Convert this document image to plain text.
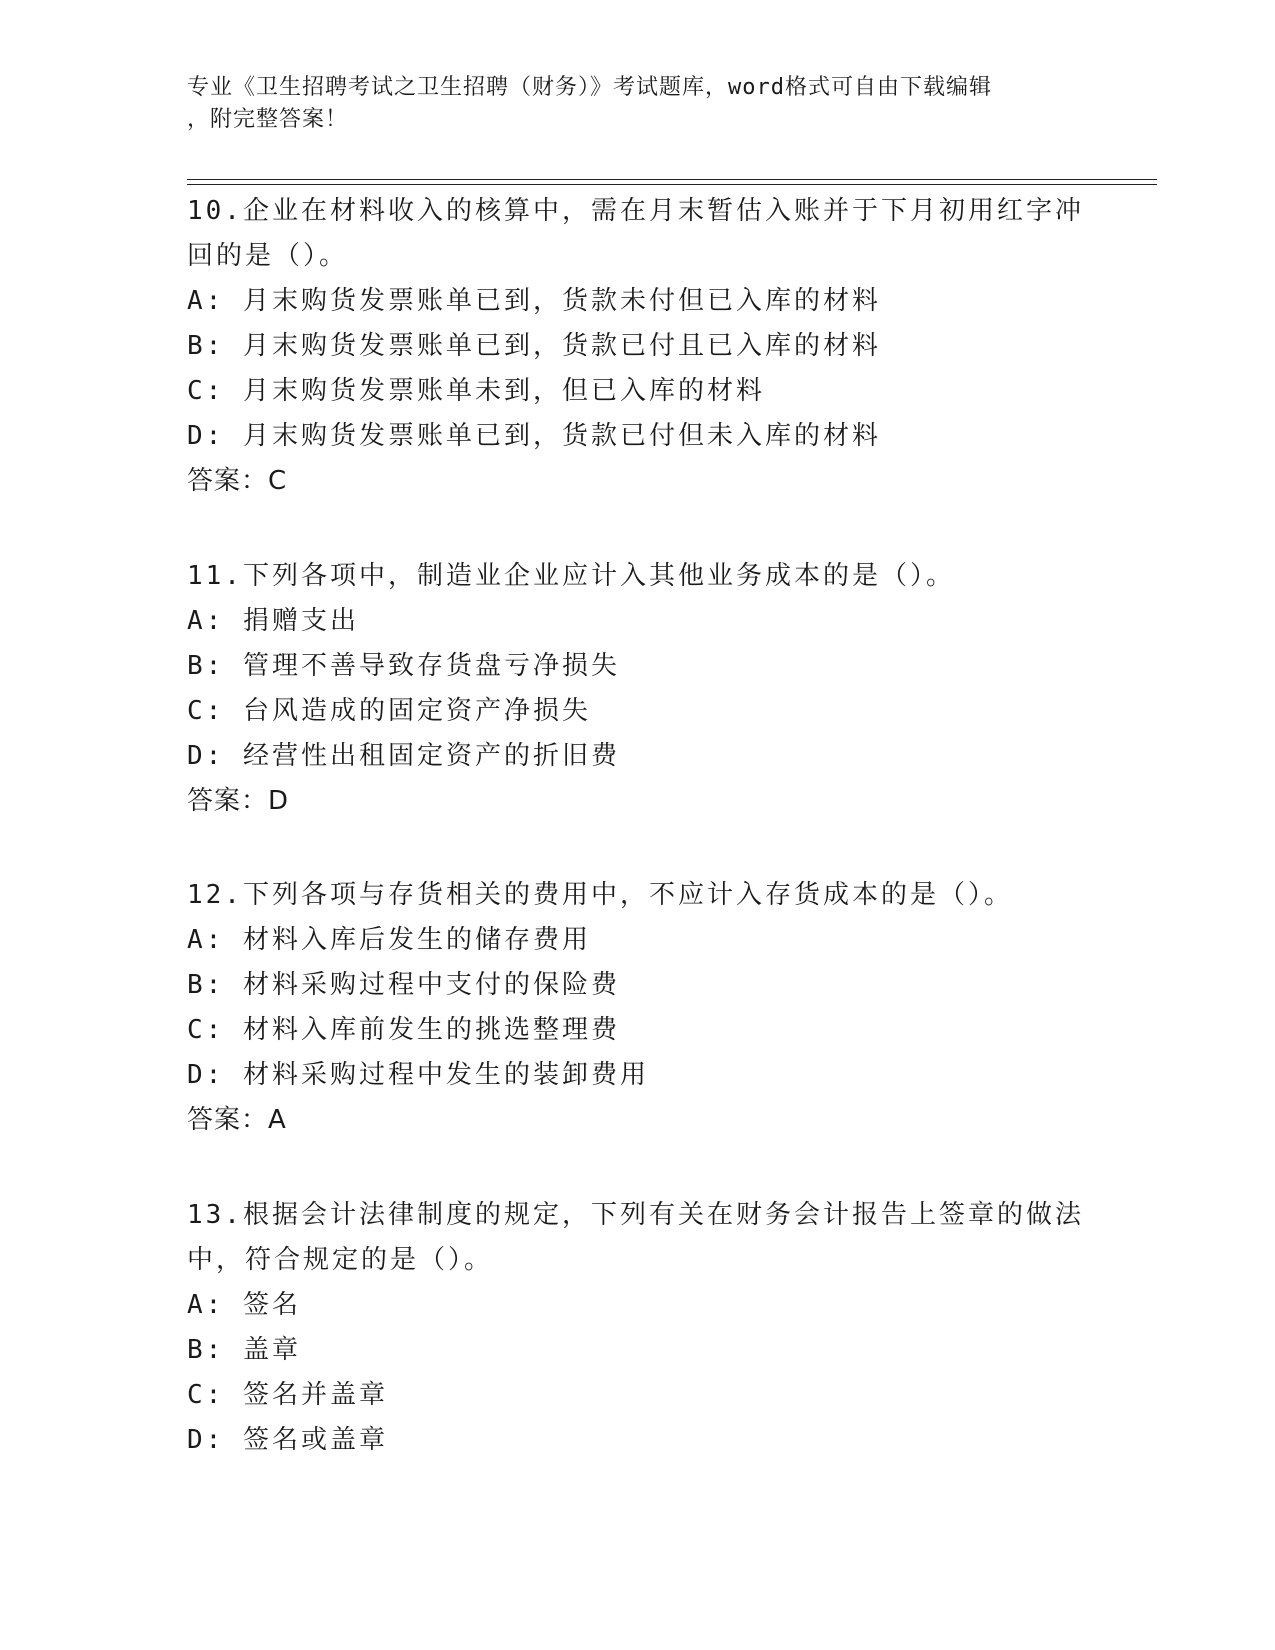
专业《卫生招聘考试之卫生招聘（财务）》考试题库，word格式可自由下载编辑
，附完整答案！

10.企业在材料收入的核算中，需在月末暂估入账并于下月初用红字冲

回的是（）。

A: 月末购货发票账单已到，货款未付但已入库的材料

B: 月末购货发票账单已到，货款已付且已入库的材料

C: 月末购货发票账单未到，但已入库的材料

D: 月末购货发票账单已到，货款已付但未入库的材料

答案：C

11.下列各项中，制造业企业应计入其他业务成本的是（）。

A: 捐赠支出

B: 管理不善导致存货盘亏净损失

C: 台风造成的固定资产净损失

D: 经营性出租固定资产的折旧费

答案：D

12.下列各项与存货相关的费用中，不应计入存货成本的是（）。

A: 材料入库后发生的储存费用

B: 材料采购过程中支付的保险费

C: 材料入库前发生的挑选整理费

D: 材料采购过程中发生的装卸费用

答案：A

13.根据会计法律制度的规定，下列有关在财务会计报告上签章的做法

中，符合规定的是（）。

A: 签名

B: 盖章

C: 签名并盖章

D: 签名或盖章
